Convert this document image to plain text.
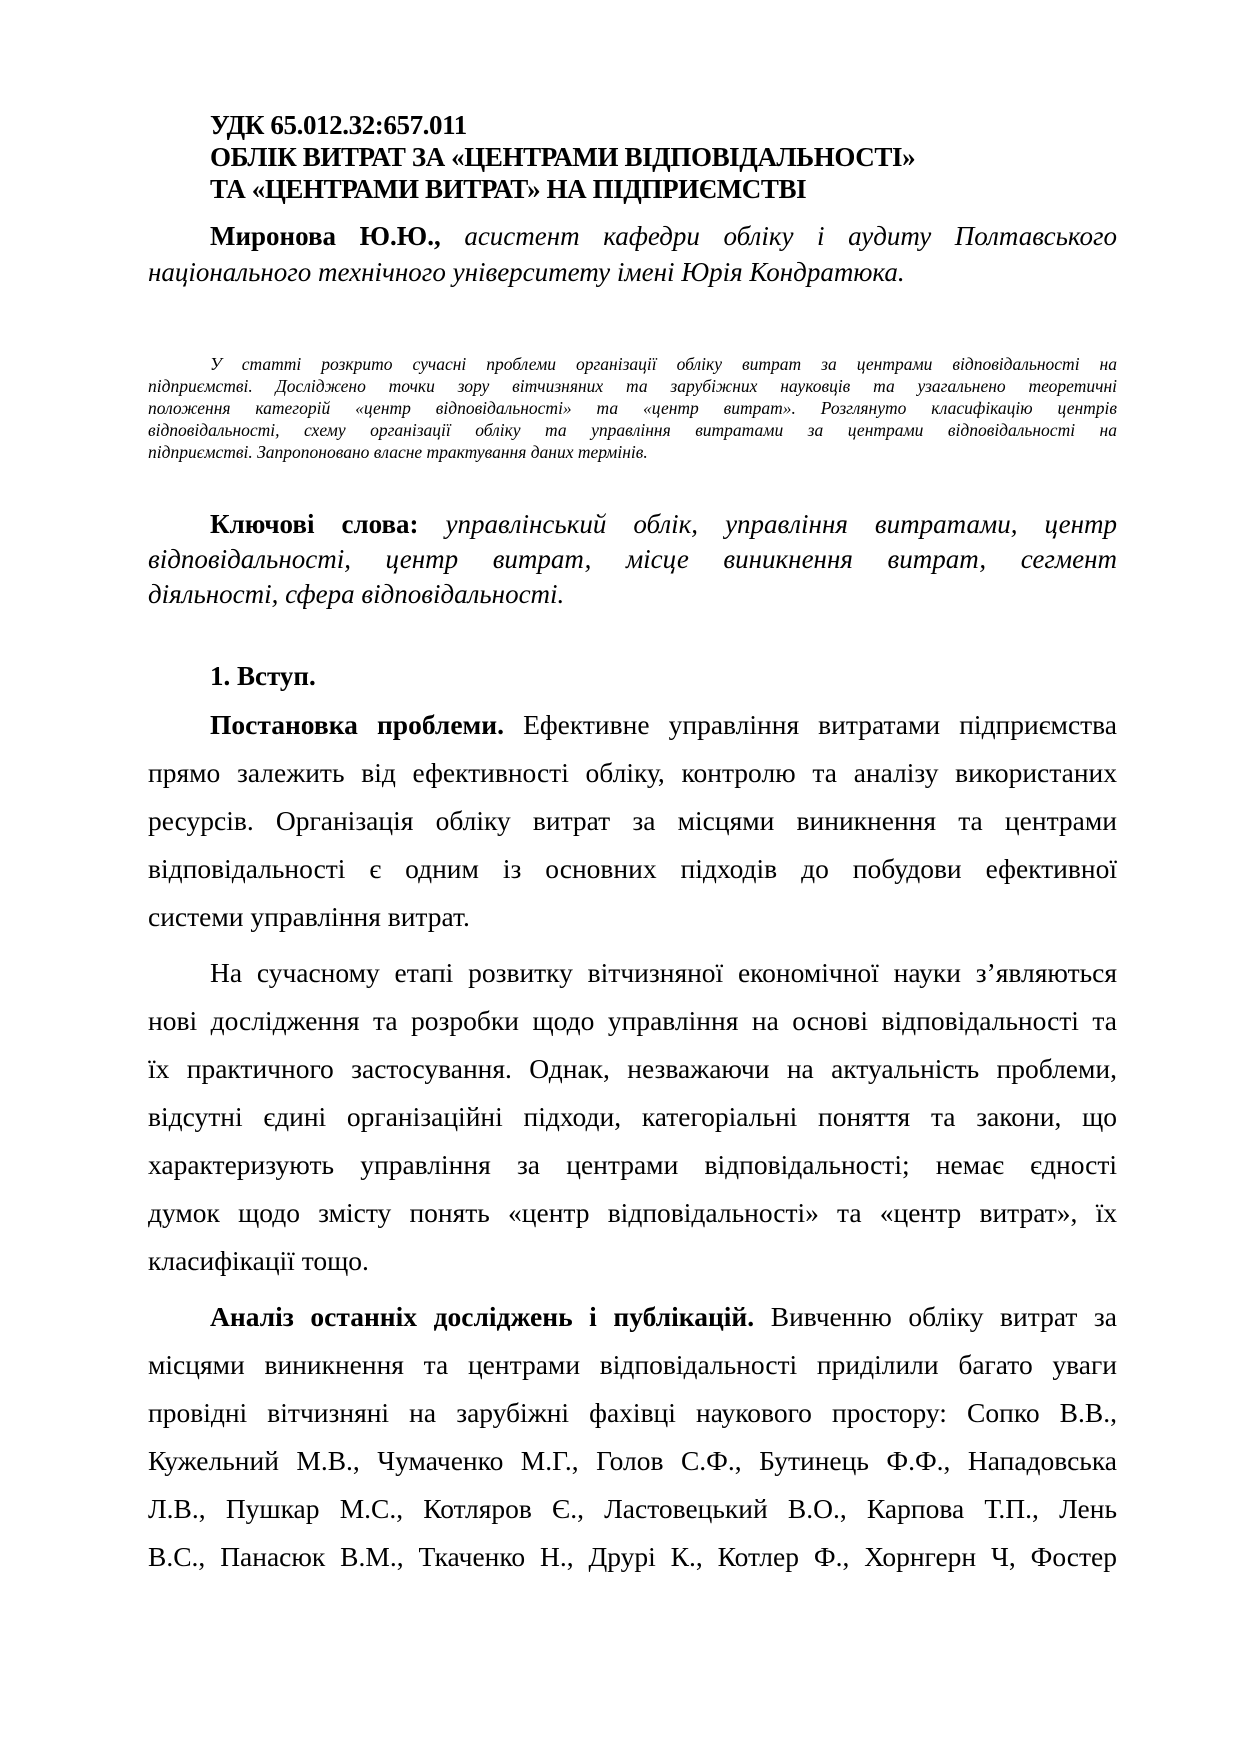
УДК 65.012.32:657.011
ОБЛІК ВИТРАТ ЗА «ЦЕНТРАМИ ВІДПОВІДАЛЬНОСТІ»
ТА «ЦЕНТРАМИ ВИТРАТ» НА ПІДПРИЄМСТВІ
Миронова Ю.Ю., асистент кафедри обліку і аудиту Полтавського
національного технічного університету імені Юрія Кондратюка.
У статті розкрито сучасні проблеми організації обліку витрат за центрами відповідальності на
підприємстві. Досліджено точки зору вітчизняних та зарубіжних науковців та узагальнено теоретичні
положення категорій «центр відповідальності» та «центр витрат». Розглянуто класифікацію центрів
відповідальності, схему організації обліку та управління витратами за центрами відповідальності на
підприємстві. Запропоновано власне трактування даних термінів.
Ключові слова: управлінський облік, управління витратами, центр
відповідальності, центр витрат, місце виникнення витрат, сегмент
діяльності, сфера відповідальності.
1. Вступ.
Постановка проблеми. Ефективне управління витратами підприємства
прямо залежить від ефективності обліку, контролю та аналізу використаних
ресурсів. Організація обліку витрат за місцями виникнення та центрами
відповідальності є одним із основних підходів до побудови ефективної
системи управління витрат.
На сучасному етапі розвитку вітчизняної економічної науки з’являються
нові дослідження та розробки щодо управління на основі відповідальності та
їх практичного застосування. Однак, незважаючи на актуальність проблеми,
відсутні єдині організаційні підходи, категоріальні поняття та закони, що
характеризують управління за центрами відповідальності; немає єдності
думок щодо змісту понять «центр відповідальності» та «центр витрат», їх
класифікації тощо.
Аналіз останніх досліджень і публікацій. Вивченню обліку витрат за
місцями виникнення та центрами відповідальності приділили багато уваги
провідні вітчизняні на зарубіжні фахівці наукового простору: Сопко В.В.,
Кужельний М.В., Чумаченко М.Г., Голов С.Ф., Бутинець Ф.Ф., Нападовська
Л.В., Пушкар М.С., Котляров Є., Ластовецький В.О., Карпова Т.П., Лень
В.С., Панасюк В.М., Ткаченко Н., Друрі К., Котлер Ф., Хорнгерн Ч, Фостер
